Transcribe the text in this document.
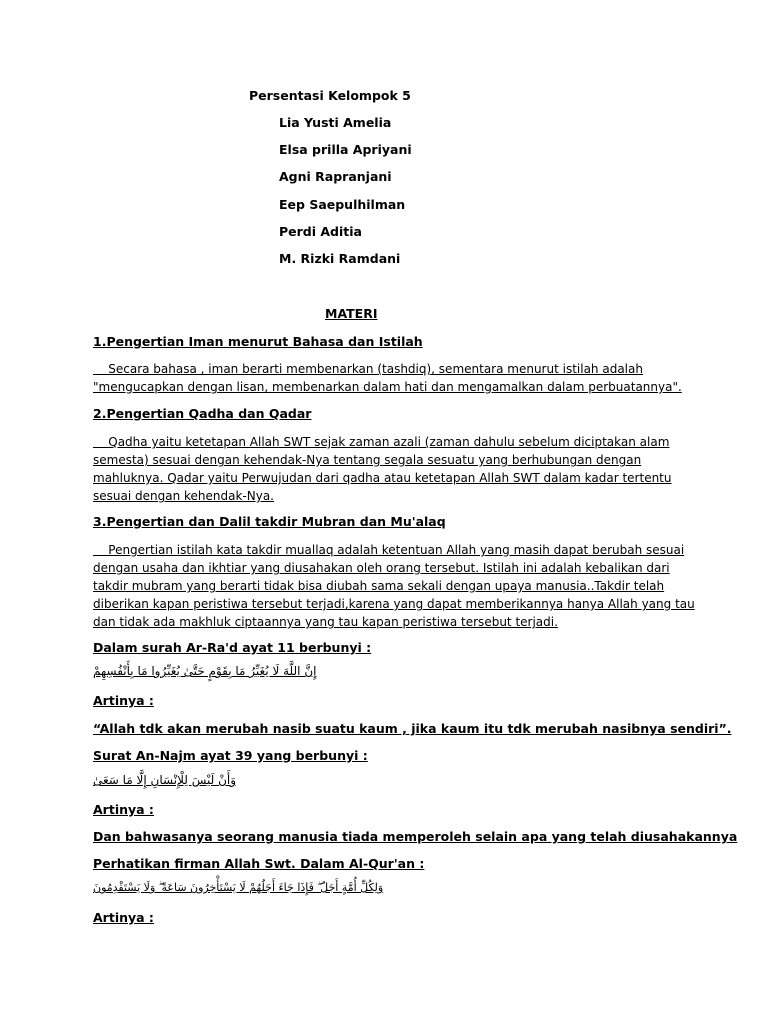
Persentasi Kelompok 5
Lia Yusti Amelia
Elsa prilla Apriyani
Agni Rapranjani
Eep Saepulhilman
Perdi Aditia
M. Rizki Ramdani
MATERI
1.Pengertian Iman menurut Bahasa dan Istilah
Secara bahasa , iman berarti membenarkan (tashdiq), sementara menurut istilah adalah
"mengucapkan dengan lisan, membenarkan dalam hati dan mengamalkan dalam perbuatannya".
2.Pengertian Qadha dan Qadar
Qadha yaitu ketetapan Allah SWT sejak zaman azali (zaman dahulu sebelum diciptakan alam
semesta) sesuai dengan kehendak-Nya tentang segala sesuatu yang berhubungan dengan
mahluknya. Qadar yaitu Perwujudan dari qadha atau ketetapan Allah SWT dalam kadar tertentu
sesuai dengan kehendak-Nya.
3.Pengertian dan Dalil takdir Mubran dan Mu'alaq
Pengertian istilah kata takdir muallaq adalah ketentuan Allah yang masih dapat berubah sesuai
dengan usaha dan ikhtiar yang diusahakan oleh orang tersebut. Istilah ini adalah kebalikan dari
takdir mubram yang berarti tidak bisa diubah sama sekali dengan upaya manusia..Takdir telah
diberikan kapan peristiwa tersebut terjadi,karena yang dapat memberikannya hanya Allah yang tau
dan tidak ada makhluk ciptaannya yang tau kapan peristiwa tersebut terjadi.
Dalam surah Ar-Ra'd ayat 11 berbunyi :
إِنَّ اللَّهَ لَا يُغَيِّرُ مَا بِقَوْمٍ حَتَّىٰ يُغَيِّرُوا مَا بِأَنْفُسِهِمْ
Artinya :
“Allah tdk akan merubah nasib suatu kaum , jika kaum itu tdk merubah nasibnya sendiri”.
Surat An-Najm ayat 39 yang berbunyi :
وَأَنْ لَيْسَ لِلْإِنْسَانِ إِلَّا مَا سَعَىٰ
Artinya :
Dan bahwasanya seorang manusia tiada memperoleh selain apa yang telah diusahakannya
Perhatikan firman Allah Swt. Dalam Al-Qur'an :
وَلِكُلِّ أُمَّةٍ أَجَلٌ ۖ فَإِذَا جَاءَ أَجَلُهُمْ لَا يَسْتَأْخِرُونَ سَاعَةً ۖ وَلَا يَسْتَقْدِمُونَ
Artinya :
